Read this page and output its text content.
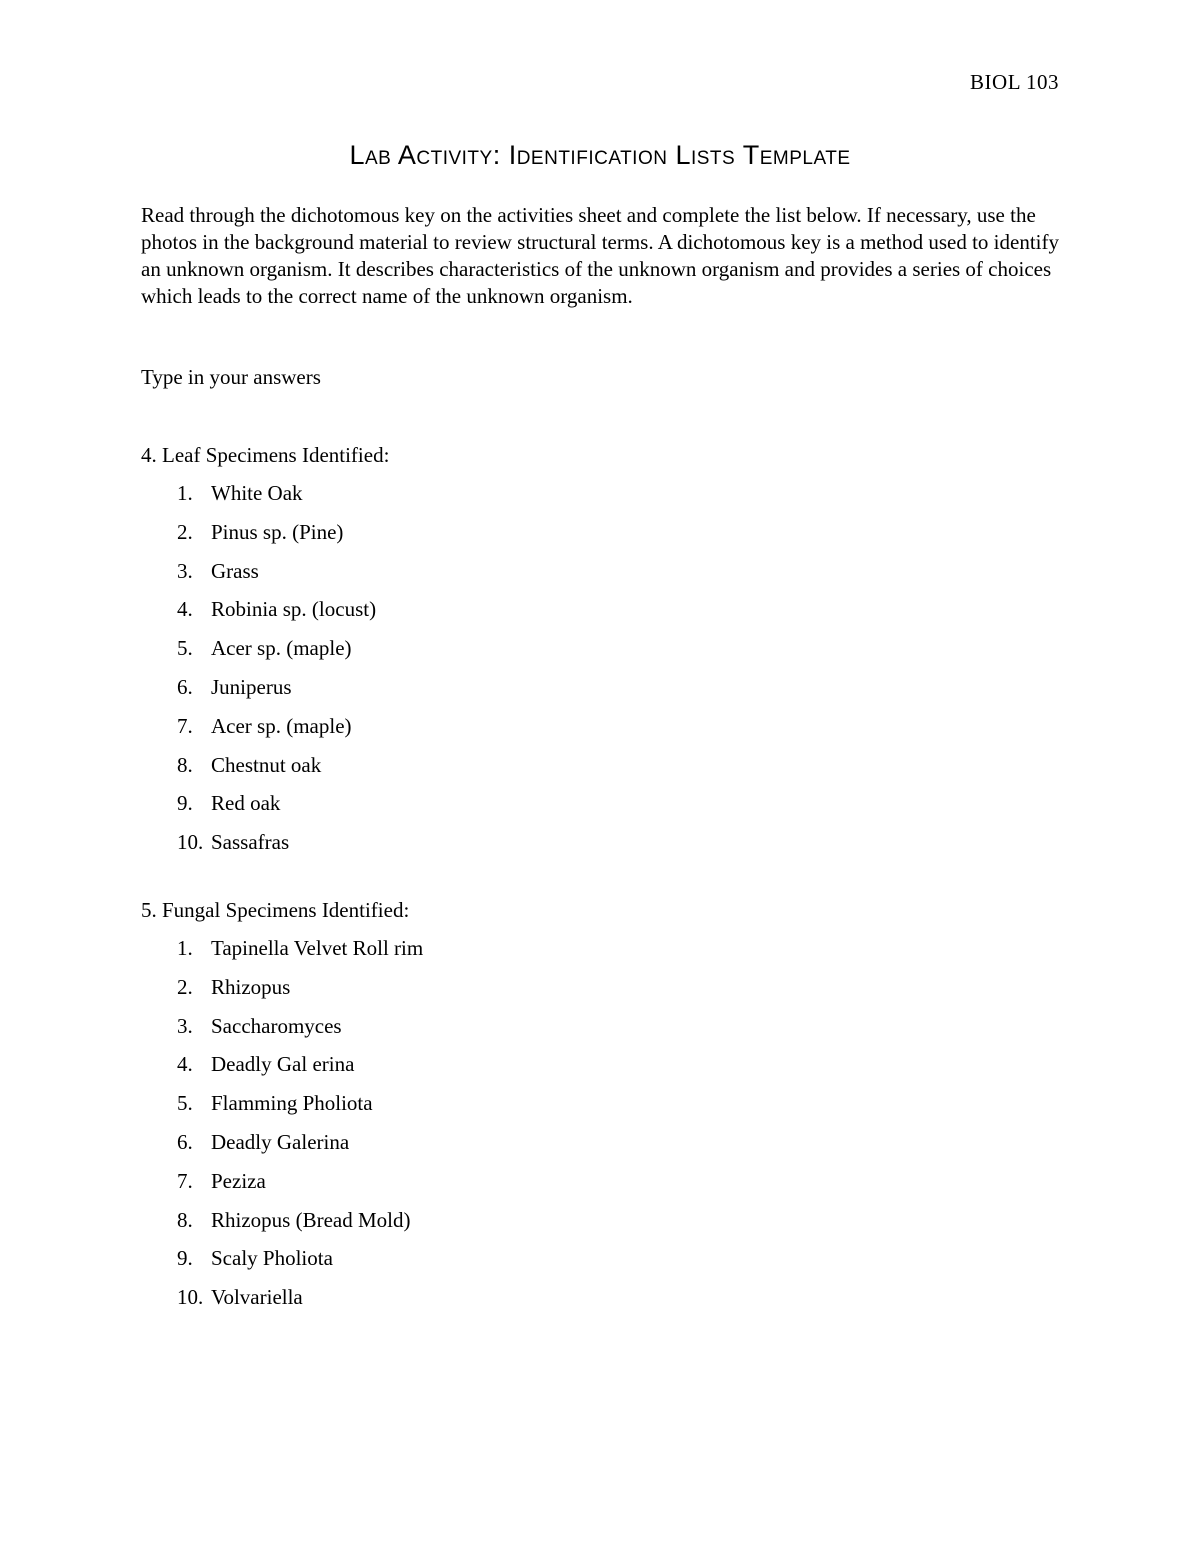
BIOL 103
Lab Activity: Identification Lists Template

Read through the dichotomous key on the activities sheet and complete the list below. If necessary, use the photos in the background material to review structural terms. A dichotomous key is a method used to identify an unknown organism. It describes characteristics of the unknown organism and provides a series of choices which leads to the correct name of the unknown organism.

Type in your answers

4. Leaf Specimens Identified:

1. White Oak
2. Pinus sp. (Pine)
3. Grass
4. Robinia sp. (locust)
5. Acer sp. (maple)
6. Juniperus
7. Acer sp. (maple)
8. Chestnut oak
9. Red oak
10. Sassafras

5. Fungal Specimens Identified:

1. Tapinella Velvet Roll rim
2. Rhizopus
3. Saccharomyces
4. Deadly Gal erina
5. Flamming Pholiota
6. Deadly Galerina
7. Peziza
8. Rhizopus (Bread Mold)
9. Scaly Pholiota
10. Volvariella
